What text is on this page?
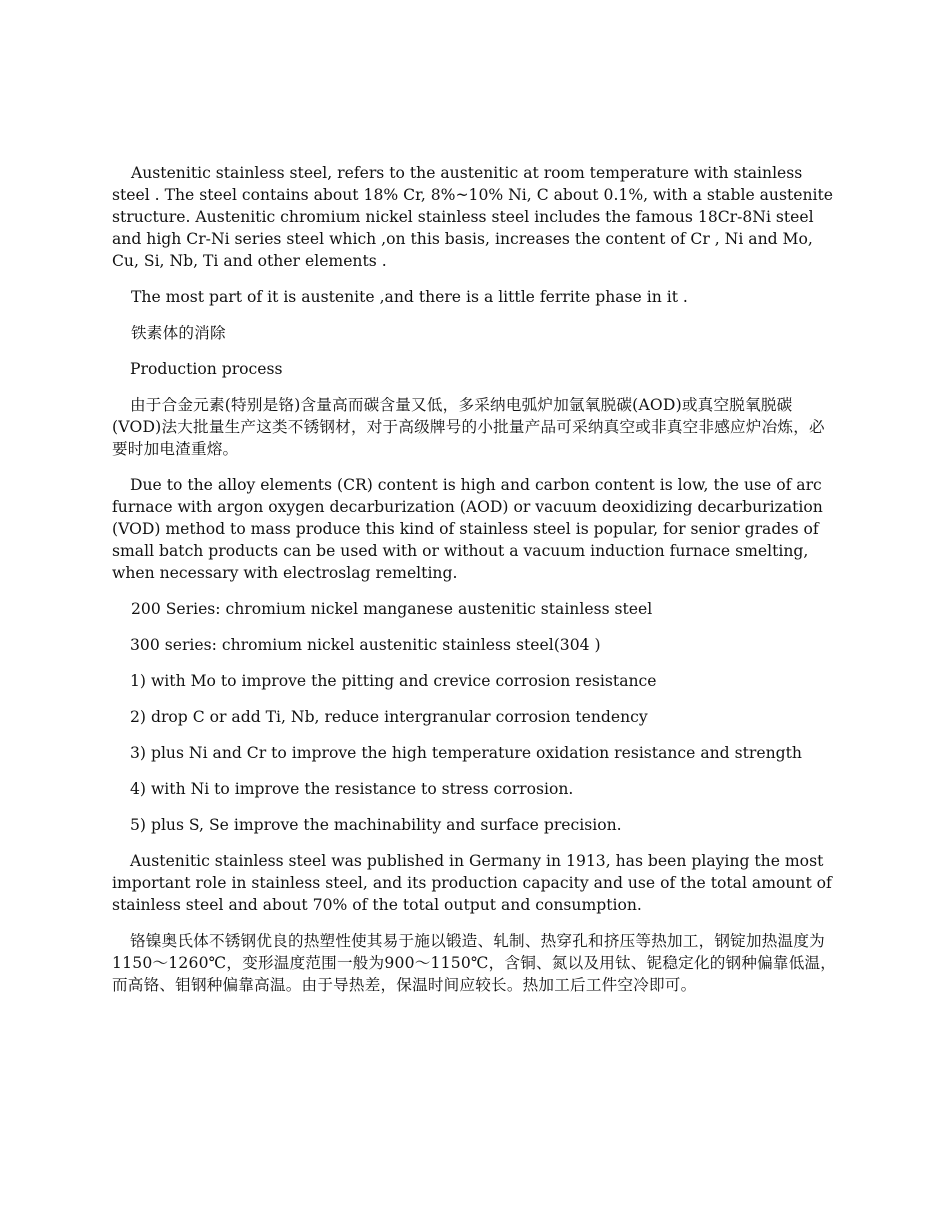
Austenitic stainless steel, refers to the austenitic at room temperature with stainless steel . The steel contains about 18% Cr, 8%~10% Ni, C about 0.1%, with a stable austenite structure. Austenitic chromium nickel stainless steel includes the famous 18Cr-8Ni steel and high Cr-Ni series steel which ,on this basis, increases the content of Cr , Ni and Mo, Cu, Si, Nb, Ti and other elements .

The most part of it is austenite ,and there is a little ferrite phase in it .

铁素体的消除

Production process

由于合金元素(特别是铬)含量高而碳含量又低，多采纳电弧炉加氩氧脱碳(AOD)或真空脱氧脱碳(VOD)法大批量生产这类不锈钢材，对于高级牌号的小批量产品可采纳真空或非真空非感应炉冶炼，必要时加电渣重熔。

Due to the alloy elements (CR) content is high and carbon content is low, the use of arc furnace with argon oxygen decarburization (AOD) or vacuum deoxidizing decarburization (VOD) method to mass produce this kind of stainless steel is popular, for senior grades of small batch products can be used with or without a vacuum induction furnace smelting, when necessary with electroslag remelting.

200 Series: chromium nickel manganese austenitic stainless steel

300 series: chromium nickel austenitic stainless steel(304 )

1) with Mo to improve the pitting and crevice corrosion resistance

2) drop C or add Ti, Nb, reduce intergranular corrosion tendency

3) plus Ni and Cr to improve the high temperature oxidation resistance and strength

4) with Ni to improve the resistance to stress corrosion.

5) plus S, Se improve the machinability and surface precision.

Austenitic stainless steel was published in Germany in 1913, has been playing the most important role in stainless steel, and its production capacity and use of the total amount of stainless steel and about 70% of the total output and consumption.

铬镍奥氏体不锈钢优良的热塑性使其易于施以锻造、轧制、热穿孔和挤压等热加工，钢锭加热温度为1150～1260℃，变形温度范围一般为900～1150℃，含铜、氮以及用钛、铌稳定化的钢种偏靠低温，而高铬、钼钢种偏靠高温。由于导热差，保温时间应较长。热加工后工件空冷即可。
